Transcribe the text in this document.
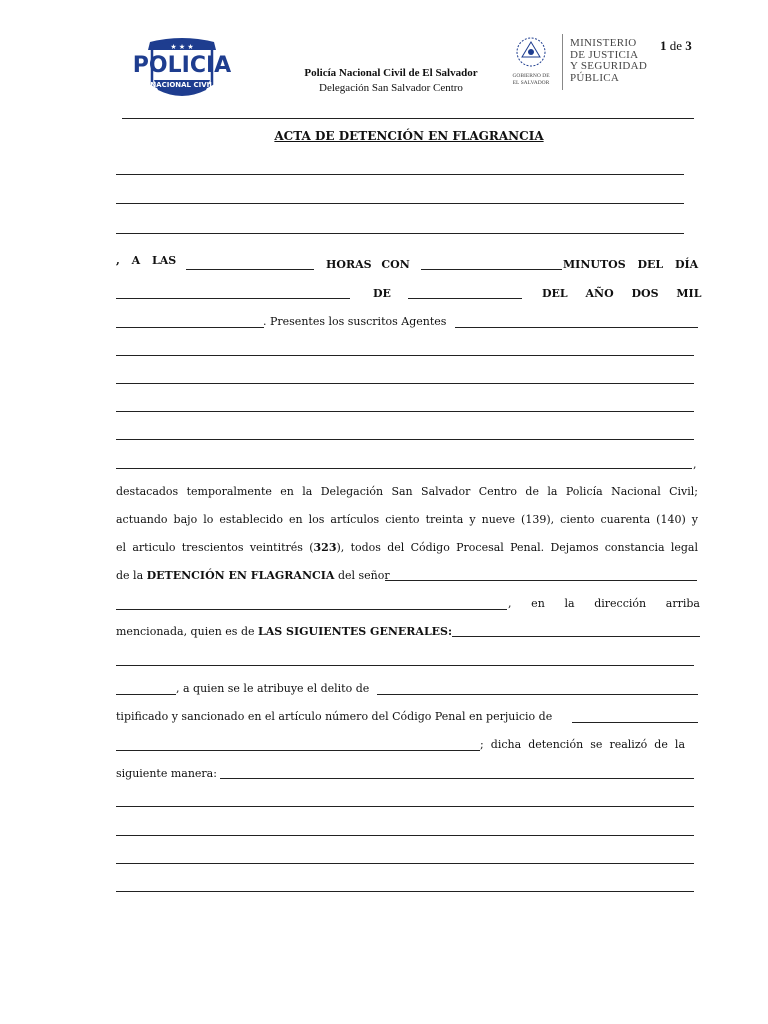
★ ★ ★
POLICIA
NACIONAL CIVIL
Policía Nacional Civil de El Salvador
Delegación San Salvador Centro
GOBIERNO DE
EL SALVADOR
MINISTERIO
DE JUSTICIA
Y SEGURIDAD
PÚBLICA
1 de 3
ACTA DE DETENCIÓN EN FLAGRANCIA
, A LAS	HORAS CON	MINUTOS DEL DÍA
DE	DEL AÑO DOS MIL
. Presentes los suscritos Agentes
,
destacados temporalmente en la Delegación San Salvador Centro de la Policía Nacional Civil;
actuando bajo lo establecido en los artículos ciento treinta y nueve (139), ciento cuarenta (140) y
el articulo trescientos veintitrés (323), todos del Código Procesal Penal. Dejamos constancia legal
de la DETENCIÓN EN FLAGRANCIA del señor
, en la dirección arriba
mencionada, quien es de LAS SIGUIENTES GENERALES:
, a quien se le atribuye el delito de
tipificado y sancionado en el artículo número del Código Penal en perjuicio de
; dicha detención se realizó de la
siguiente manera:
